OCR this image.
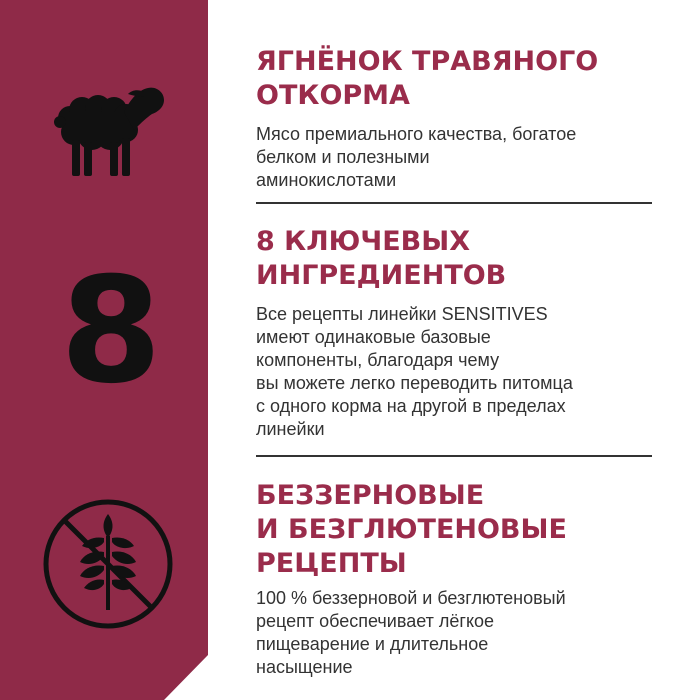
8
ЯГНЁНОК ТРАВЯНОГО
ОТКОРМА

Мясо премиального качества, богатое
белком и полезными
аминокислотами

8 КЛЮЧЕВЫХ
ИНГРЕДИЕНТОВ

Все рецепты линейки SENSITIVES
имеют одинаковые базовые
компоненты, благодаря чему
вы можете легко переводить питомца
с одного корма на другой в пределах
линейки

БЕЗЗЕРНОВЫЕ
И БЕЗГЛЮТЕНОВЫЕ
РЕЦЕПТЫ

100 % беззерновой и безглютеновый
рецепт обеспечивает лёгкое
пищеварение и длительное
насыщение
